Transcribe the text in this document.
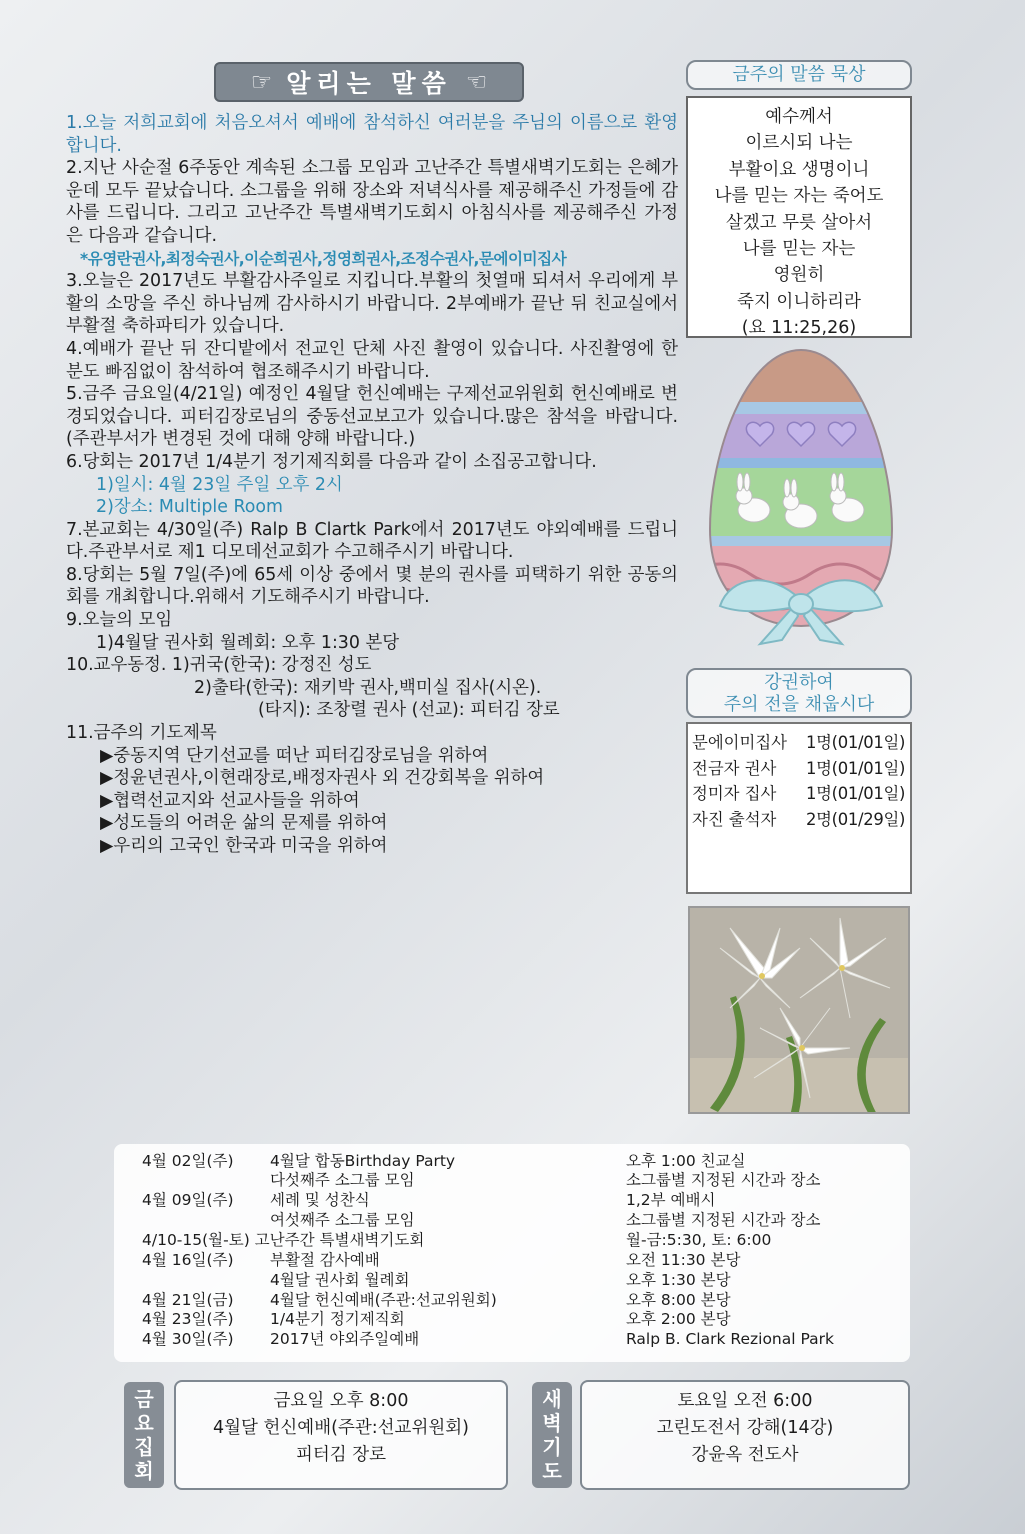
☞ 알리는 말씀 ☜

1.오늘 저희교회에 처음오셔서 예배에 참석하신 여러분을 주님의 이름으로 환영합니다.

2.지난 사순절 6주동안 계속된 소그룹 모임과 고난주간 특별새벽기도회는 은혜가운데 모두 끝났습니다. 소그룹을 위해 장소와 저녁식사를 제공해주신 가정들에 감사를 드립니다. 그리고 고난주간 특별새벽기도회시 아침식사를 제공해주신 가정은 다음과 같습니다.

*유영란권사,최정숙권사,이순희권사,정영희권사,조정수권사,문에이미집사

3.오늘은 2017년도 부활감사주일로 지킵니다.부활의 첫열매 되셔서 우리에게 부활의 소망을 주신 하나님께 감사하시기 바랍니다. 2부예배가 끝난 뒤 친교실에서 부활절 축하파티가 있습니다.

4.예배가 끝난 뒤 잔디밭에서 전교인 단체 사진 촬영이 있습니다. 사진촬영에 한분도 빠짐없이 참석하여 협조해주시기 바랍니다.

5.금주 금요일(4/21일) 예정인 4월달 헌신예배는 구제선교위원회 헌신예배로 변경되었습니다. 피터김장로님의 중동선교보고가 있습니다.많은 참석을 바랍니다.(주관부서가 변경된 것에 대해 양해 바랍니다.)

6.당회는 2017년 1/4분기 정기제직회를 다음과 같이 소집공고합니다.

1)일시: 4월 23일 주일 오후 2시

2)장소: Multiple Room

7.본교회는 4/30일(주) Ralp B Clartk Park에서 2017년도 야외예배를 드립니다.주관부서로 제1 디모데선교회가 수고해주시기 바랍니다.

8.당회는 5월 7일(주)에 65세 이상 중에서 몇 분의 권사를 피택하기 위한 공동의회를 개최합니다.위해서 기도해주시기 바랍니다.

9.오늘의 모임

1)4월달 권사회 월례회: 오후 1:30 본당

10.교우동정. 1)귀국(한국): 강정진 성도

2)출타(한국): 재키박 권사,백미실 집사(시온).

(타지): 조창렬 권사 (선교): 피터김 장로

11.금주의 기도제목

▶중동지역 단기선교를 떠난 피터김장로님을 위하여

▶정윤년권사,이현래장로,배정자권사 외 건강회복을 위하여

▶협력선교지와 선교사들을 위하여

▶성도들의 어려운 삶의 문제를 위하여

▶우리의 고국인 한국과 미국을 위하여

금주의 말씀 묵상
예수께서
이르시되 나는
부활이요 생명이니
나를 믿는 자는 죽어도
살겠고 무릇 살아서
나를 믿는 자는
영원히
죽지 이니하리라
(요 11:25,26)
강권하여
주의 전을 채웁시다
문에이미집사	1명(01/01일)
전금자 권사	1명(01/01일)
정미자 집사	1명(01/01일)
자진 출석자	2명(01/29일)
4월 02일(주) 4월달 합동Birthday Party	오후 1:00 친교실
다섯째주 소그룹 모임	소그룹별 지정된 시간과 장소
4월 09일(주) 세례 및 성찬식	1,2부 예배시
여섯째주 소그룹 모임	소그룹별 지정된 시간과 장소
4/10-15(월-토) 고난주간 특별새벽기도회	월-금:5:30, 토: 6:00
4월 16일(주) 부활절 감사예배	오전 11:30 본당
4월달 권사회 월례회	오후 1:30 본당
4월 21일(금) 4월달 헌신예배(주관:선교위원회)	오후 8:00 본당
4월 23일(주) 1/4분기 정기제직회	오후 2:00 본당
4월 30일(주) 2017년 야외주일예배	Ralp B. Clark Rezional Park
금
요
집
회
금요일 오후 8:00
4월달 헌신예배(주관:선교위원회)
피터김 장로
새
벽
기
도
토요일 오전 6:00
고린도전서 강해(14강)
강윤옥 전도사
